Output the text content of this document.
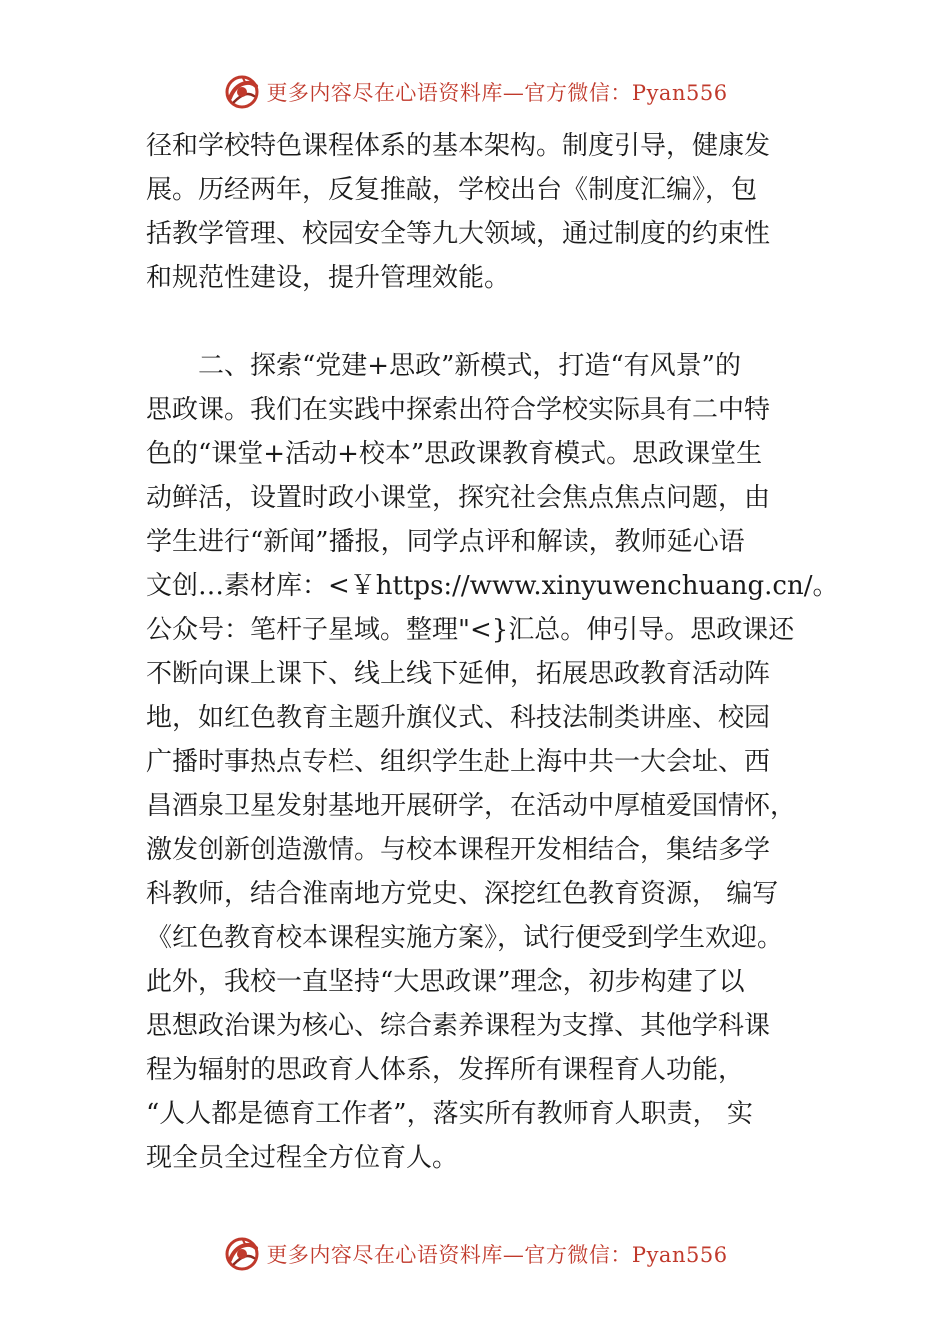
更多内容尽在心语资料库—官方微信：Pyan556
径和学校特色课程体系的基本架构。制度引导，健康发
展。历经两年，反复推敲，学校出台《制度汇编》，包
括教学管理、校园安全等九大领域，通过制度的约束性
和规范性建设，提升管理效能。
　　二、探索“党建+思政”新模式，打造“有风景”的
思政课。我们在实践中探索出符合学校实际具有二中特
色的“课堂+活动+校本”思政课教育模式。思政课堂生
动鲜活，设置时政小课堂，探究社会焦点焦点问题，由
学生进行“新闻”播报，同学点评和解读，教师延心语
文创…素材库：<￥https://www.xinyuwenchuang.cn/。
公众号：笔杆子星域。整理"<}汇总。伸引导。思政课还
不断向课上课下、线上线下延伸，拓展思政教育活动阵
地，如红色教育主题升旗仪式、科技法制类讲座、校园
广播时事热点专栏、组织学生赴上海中共一大会址、西
昌酒泉卫星发射基地开展研学，在活动中厚植爱国情怀，
激发创新创造激情。与校本课程开发相结合，集结多学
科教师，结合淮南地方党史、深挖红色教育资源， 编写
《红色教育校本课程实施方案》，试行便受到学生欢迎。
此外，我校一直坚持“大思政课”理念，初步构建了以
思想政治课为核心、综合素养课程为支撑、其他学科课
程为辐射的思政育人体系，发挥所有课程育人功能，
“人人都是德育工作者”，落实所有教师育人职责， 实
现全员全过程全方位育人。
更多内容尽在心语资料库—官方微信：Pyan556
